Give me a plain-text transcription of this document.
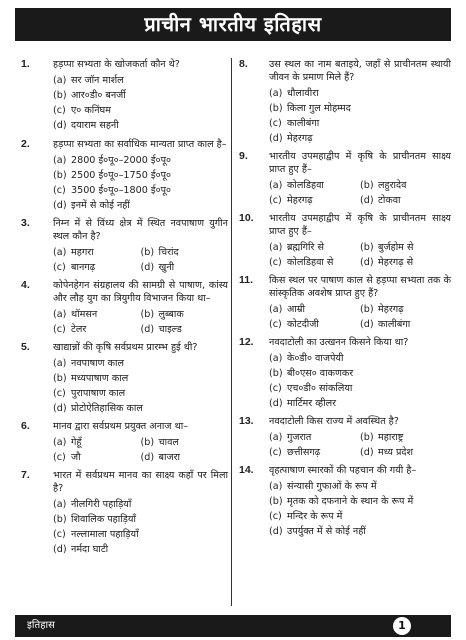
प्राचीन भारतीय इतिहास
1. हड़प्पा सभ्यता के खोजकर्ता कौन थे?
(a) सर जॉन मार्शल
(b) आर०डी० बनर्जी
(c) ए० कनिंघम
(d) दयाराम सहनी
2. हड़प्पा सभ्यता का सर्वाधिक मान्यता प्राप्त काल है–
(a) 2800 ई०पू०–2000 ई०पू०
(b) 2500 ई०पू०–1750 ई०पू०
(c) 3500 ई०पू०–1800 ई०पू०
(d) इनमें से कोई नहीं
3. निम्न में से विंध्य क्षेत्र में स्थित नवपाषाण युगीन स्थल कौन है?
(a) महगरा	(b) चिरांद
(c) बानगढ़	(d) खुनी
4. कोपेनहेगन संग्रहालय की सामग्री से पाषाण, कांस्य और लौह युग का त्रियुगीय विभाजन किया था–
(a) थॉमसन	(b) लुब्बाक
(c) टेलर	(d) चाइल्ड
5. खाद्यान्नों की कृषि सर्वप्रथम प्रारम्भ हुई थी?
(a) नवपाषाण काल
(b) मध्यपाषाण काल
(c) पुरापाषाण काल
(d) प्रोटोऐतिहासिक काल
6. मानव द्वारा सर्वप्रथम प्रयुक्त अनाज था–
(a) गेहूँ	(b) चावल
(c) जौ	(d) बाजरा
7. भारत में सर्वप्रथम मानव का साक्ष्य कहाँ पर मिला है?
(a) नीलगिरी पहाड़ियाँ
(b) शिवालिक पहाड़ियाँ
(c) नल्लामाला पहाड़ियाँ
(d) नर्मदा घाटी
8. उस स्थल का नाम बताइये, जहाँ से प्राचीनतम स्थायी जीवन के प्रमाण मिले हैं?
(a) धौलावीरा
(b) किला गुल मोहम्मद
(c) कालीबंगा
(d) मेहरगढ़
9. भारतीय उपमहाद्वीप में कृषि के प्राचीनतम साक्ष्य प्राप्त हुए हैं–
(a) कोलडिहवा	(b) लहुरादेव
(c) मेहरगढ़	(d) टोकवा
10. भारतीय उपमहाद्वीप में कृषि के प्राचीनतम साक्ष्य प्राप्त हुए हैं–
(a) ब्रह्मगिरि से	(b) बुर्जहोम से
(c) कोलडिहवा से	(d) मेहरगढ़ से
11. किस स्थल पर पाषाण काल से हड़प्पा सभ्यता तक के सांस्कृतिक अवशेष प्राप्त हुए हैं?
(a) आम्री	(b) मेहरगढ़
(c) कोटदीजी	(d) कालीबंगा
12. नवदाटोली का उत्खनन किसने किया था?
(a) के०डी० वाजपेयी
(b) बी०एस० वाकणकर
(c) एच०डी० सांकलिया
(d) मार्टिमर व्हीलर
13. नवदाटोली किस राज्य में अवस्थित है?
(a) गुजरात	(b) महाराष्ट्र
(c) छत्तीसगढ़	(d) मध्य प्रदेश
14. वृहत्पाषाण स्मारकों की पहचान की गयी है–
(a) संन्यासी गुफाओं के रूप में
(b) मृतक को दफनाने के स्थान के रूप में
(c) मन्दिर के रूप में
(d) उपर्युक्त में से कोई नहीं
इतिहास	1
